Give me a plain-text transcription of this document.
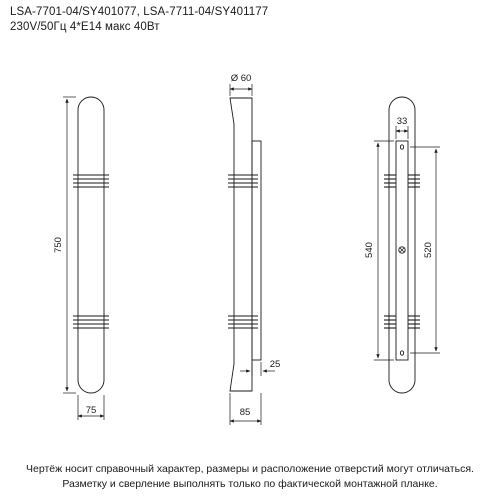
LSA-7701-04/SY401077, LSA-7711-04/SY401177
230V/50Гц 4*E14 макс 40Вт
750
75
Ø 60
25
85
33
540	520
Чертёж носит справочный характер, размеры и расположение отверстий могут отличаться.
Разметку и сверление выполнять только по фактической монтажной планке.
